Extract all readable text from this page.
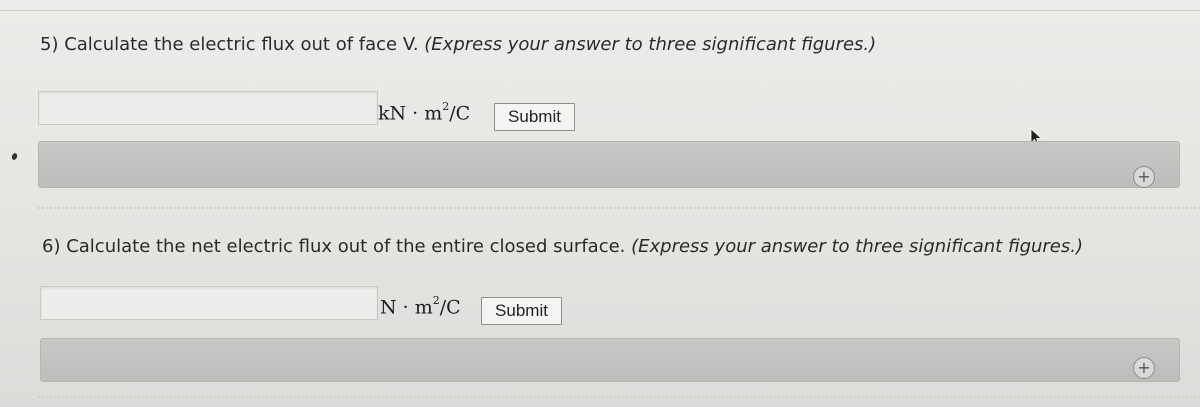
5) Calculate the electric flux out of face V. (Express your answer to three significant figures.)
kN · $m^2/C$	Submit
+
6) Calculate the net electric flux out of the entire closed surface. (Express your answer to three significant figures.)
$N \cdot m^2/C$	Submit
+
